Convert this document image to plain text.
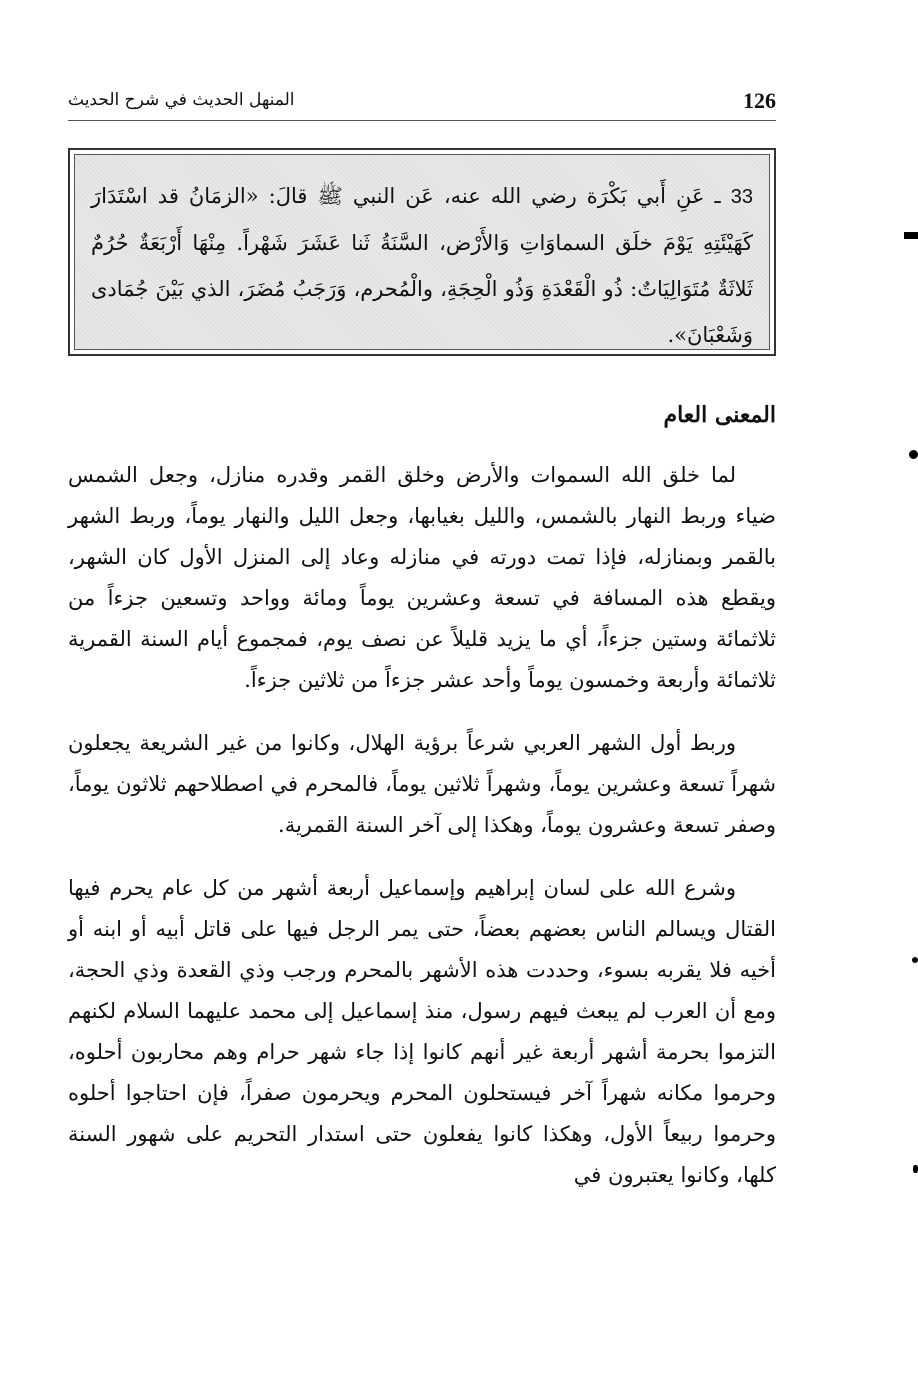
126
المنهل الحديث في شرح الحديث
33 ـ عَنِ أَبي بَكْرَة رضي الله عنه، عَن النبي ﷺ قالَ: «الزمَانُ قد اسْتَدَارَ كَهَيْئَتِهِ يَوْمَ خلَق السماوَاتِ وَالأَرْض، السَّنَةُ ثَنا عَشَرَ شَهْراً. مِنْهَا أَرْبَعَةٌ حُرُمٌ ثَلاثَةٌ مُتَوَالِيَاتٌ: ذُو الْقَعْدَةِ وَذُو الْحِجَةِ، والْمُحرم، وَرَجَبُ مُضَرَ، الذي بَيْنَ جُمَادى وَشَعْبَانَ».
المعنى العام

لما خلق الله السموات والأرض وخلق القمر وقدره منازل، وجعل الشمس ضياء وربط النهار بالشمس، والليل بغيابها، وجعل الليل والنهار يوماً، وربط الشهر بالقمر وبمنازله، فإذا تمت دورته في منازله وعاد إلى المنزل الأول كان الشهر، ويقطع هذه المسافة في تسعة وعشرين يوماً ومائة وواحد وتسعين جزءاً من ثلاثمائة وستين جزءاً، أي ما يزيد قليلاً عن نصف يوم، فمجموع أيام السنة القمرية ثلاثمائة وأربعة وخمسون يوماً وأحد عشر جزءاً من ثلاثين جزءاً.

وربط أول الشهر العربي شرعاً برؤية الهلال، وكانوا من غير الشريعة يجعلون شهراً تسعة وعشرين يوماً، وشهراً ثلاثين يوماً، فالمحرم في اصطلاحهم ثلاثون يوماً، وصفر تسعة وعشرون يوماً، وهكذا إلى آخر السنة القمرية.

وشرع الله على لسان إبراهيم وإسماعيل أربعة أشهر من كل عام يحرم فيها القتال ويسالم الناس بعضهم بعضاً، حتى يمر الرجل فيها على قاتل أبيه أو ابنه أو أخيه فلا يقربه بسوء، وحددت هذه الأشهر بالمحرم ورجب وذي القعدة وذي الحجة، ومع أن العرب لم يبعث فيهم رسول، منذ إسماعيل إلى محمد عليهما السلام لكنهم التزموا بحرمة أشهر أربعة غير أنهم كانوا إذا جاء شهر حرام وهم محاربون أحلوه، وحرموا مكانه شهراً آخر فيستحلون المحرم ويحرمون صفراً، فإن احتاجوا أحلوه وحرموا ربيعاً الأول، وهكذا كانوا يفعلون حتى استدار التحريم على شهور السنة كلها، وكانوا يعتبرون في
